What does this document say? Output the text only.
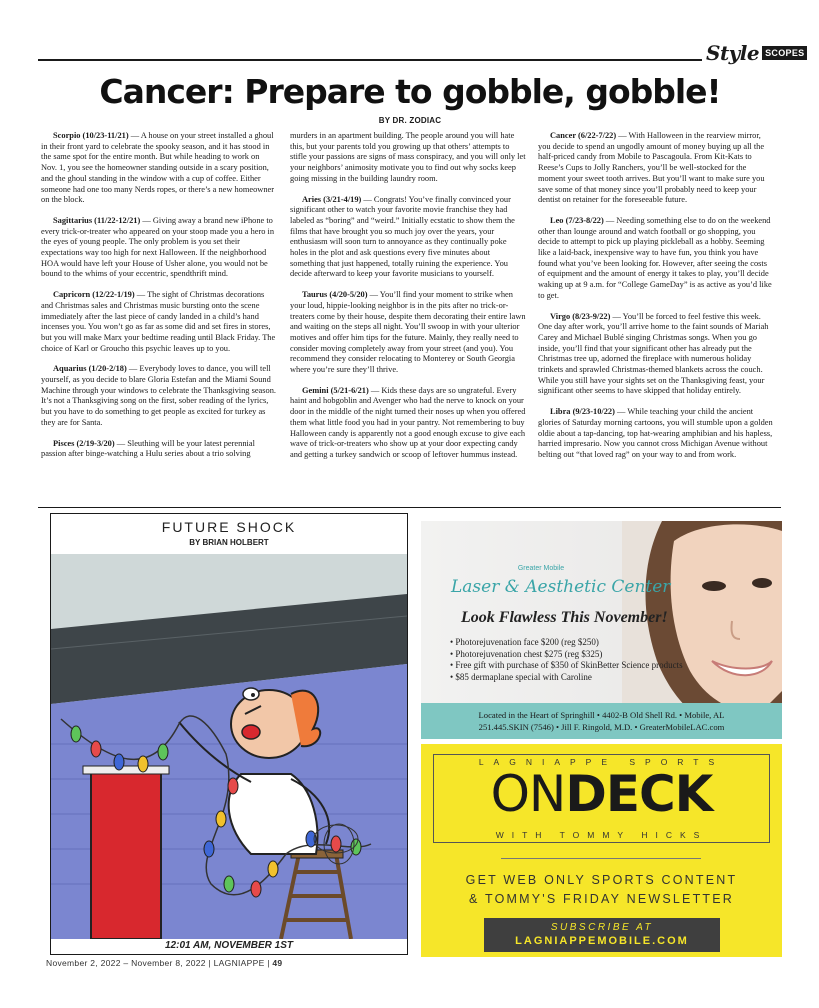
Style SCOPES
Cancer: Prepare to gobble, gobble!
BY DR. ZODIAC

Scorpio (10/23-11/21) — A house on your street installed a ghoul in their front yard to celebrate the spooky season, and it has stood in the same spot for the entire month. But while heading to work on Nov. 1, you see the homeowner standing outside in a scary position, and the ghoul standing in the window with a cup of coffee. Either someone had one too many Nerds ropes, or there’s a new homeowner on the block.

Sagittarius (11/22-12/21) — Giving away a brand new iPhone to every trick-or-treater who appeared on your stoop made you a hero in the eyes of young people. The only problem is you set their expectations way too high for next Halloween. If the neighborhood HOA would have left your House of Usher alone, you would not be bound to the whims of your eccentric, spendthrift mind.

Capricorn (12/22-1/19) — The sight of Christmas decorations and Christmas sales and Christmas music bursting onto the scene immediately after the last piece of candy landed in a child’s hand incenses you. You won’t go as far as some did and set fires in stores, but you will make Marx your bedtime reading until Black Friday. The choice of Karl or Groucho this psychic leaves up to you.

Aquarius (1/20-2/18) — Everybody loves to dance, you will tell yourself, as you decide to blare Gloria Estefan and the Miami Sound Machine through your windows to celebrate the Thanksgiving season. It’s not a Thanksgiving song on the first, sober reading of the lyrics, but you have to do something to get people as excited for turkey as they are for Santa.

Pisces (2/19-3/20) — Sleuthing will be your latest perennial passion after binge-watching a Hulu series about a trio solving

murders in an apartment building. The people around you will hate this, but your parents told you growing up that others’ attempts to stifle your passions are signs of mass conspiracy, and you will only let your neighbors’ animosity motivate you to find out why socks keep going missing in the building laundry room.

Aries (3/21-4/19) — Congrats! You’ve finally convinced your significant other to watch your favorite movie franchise they had labeled as “boring” and “weird.” Initially ecstatic to show them the films that have brought you so much joy over the years, your enthusiasm will soon turn to annoyance as they continually poke holes in the plot and ask questions every five minutes about something that just happened, totally ruining the experience. You decide afterward to keep your favorite musicians to yourself.

Taurus (4/20-5/20) — You’ll find your moment to strike when your loud, hippie-looking neighbor is in the pits after no trick-or-treaters come by their house, despite them decorating their entire lawn and waiting on the steps all night. You’ll swoop in with your ulterior motives and offer him tips for the future. Mainly, they really need to consider moving completely away from your street (and you). You recommend they consider relocating to Monterey or South Georgia where you’re sure they’ll thrive.

Gemini (5/21-6/21) — Kids these days are so ungrateful. Every haint and hobgoblin and Avenger who had the nerve to knock on your door in the middle of the night turned their noses up when you offered them what little food you had in your pantry. Not remembering to buy Halloween candy is apparently not a good enough excuse to give each wave of trick-or-treaters who show up at your door expecting candy and getting a turkey sandwich or scoop of leftover hummus instead.

Cancer (6/22-7/22) — With Halloween in the rearview mirror, you decide to spend an ungodly amount of money buying up all the half-priced candy from Mobile to Pascagoula. From Kit-Kats to Reese’s Cups to Jolly Ranchers, you’ll be well-stocked for the moment your sweet tooth arrives. But you’ll want to make sure you save some of that money since you’ll probably need to keep your dentist on retainer for the foreseeable future.

Leo (7/23-8/22) — Needing something else to do on the weekend other than lounge around and watch football or go shopping, you decide to attempt to pick up playing pickleball as a hobby. Seeming like a laid-back, inexpensive way to have fun, you think you have found what you’ve been looking for. However, after seeing the costs of equipment and the amount of energy it takes to play, you’ll decide waking up at 9 a.m. for “College GameDay” is as active as you’d like to get.

Virgo (8/23-9/22) — You’ll be forced to feel festive this week. One day after work, you’ll arrive home to the faint sounds of Mariah Carey and Michael Bublé singing Christmas songs. When you go inside, you’ll find that your significant other has already put the Christmas tree up, adorned the fireplace with numerous holiday trinkets and sprawled Christmas-themed blankets across the couch. While you still have your sights set on the Thanksgiving feast, your significant other seems to have skipped that holiday entirely.

Libra (9/23-10/22) — While teaching your child the ancient glories of Saturday morning cartoons, you will stumble upon a golden oldie about a tap-dancing, top hat-wearing amphibian and his hapless, harried impresario. Now you cannot cross Michigan Avenue without belting out “that loved rag” on your way to and from work.

FUTURE SHOCK
BY BRIAN HOLBERT
12:01 AM, NOVEMBER 1ST
Greater Mobile
Laser & Aesthetic Center
Look Flawless This November!
• Photorejuvenation face $200 (reg $250)
• Photorejuvenation chest $275 (reg $325)
• Free gift with purchase of $350 of SkinBetter Science products
• $85 dermaplane special with Caroline
Located in the Heart of Springhill • 4402-B Old Shell Rd. • Mobile, AL
251.445.SKIN (7546) • Jill F. Ringold, M.D. • GreaterMobileLAC.com
LAGNIAPPE SPORTS
ONDECK
WITH TOMMY HICKS
GET WEB ONLY SPORTS CONTENT
& TOMMY'S FRIDAY NEWSLETTER
SUBSCRIBE AT
LAGNIAPPEMOBILE.COM
November 2, 2022 – November 8, 2022 | LAGNIAPPE | 49
